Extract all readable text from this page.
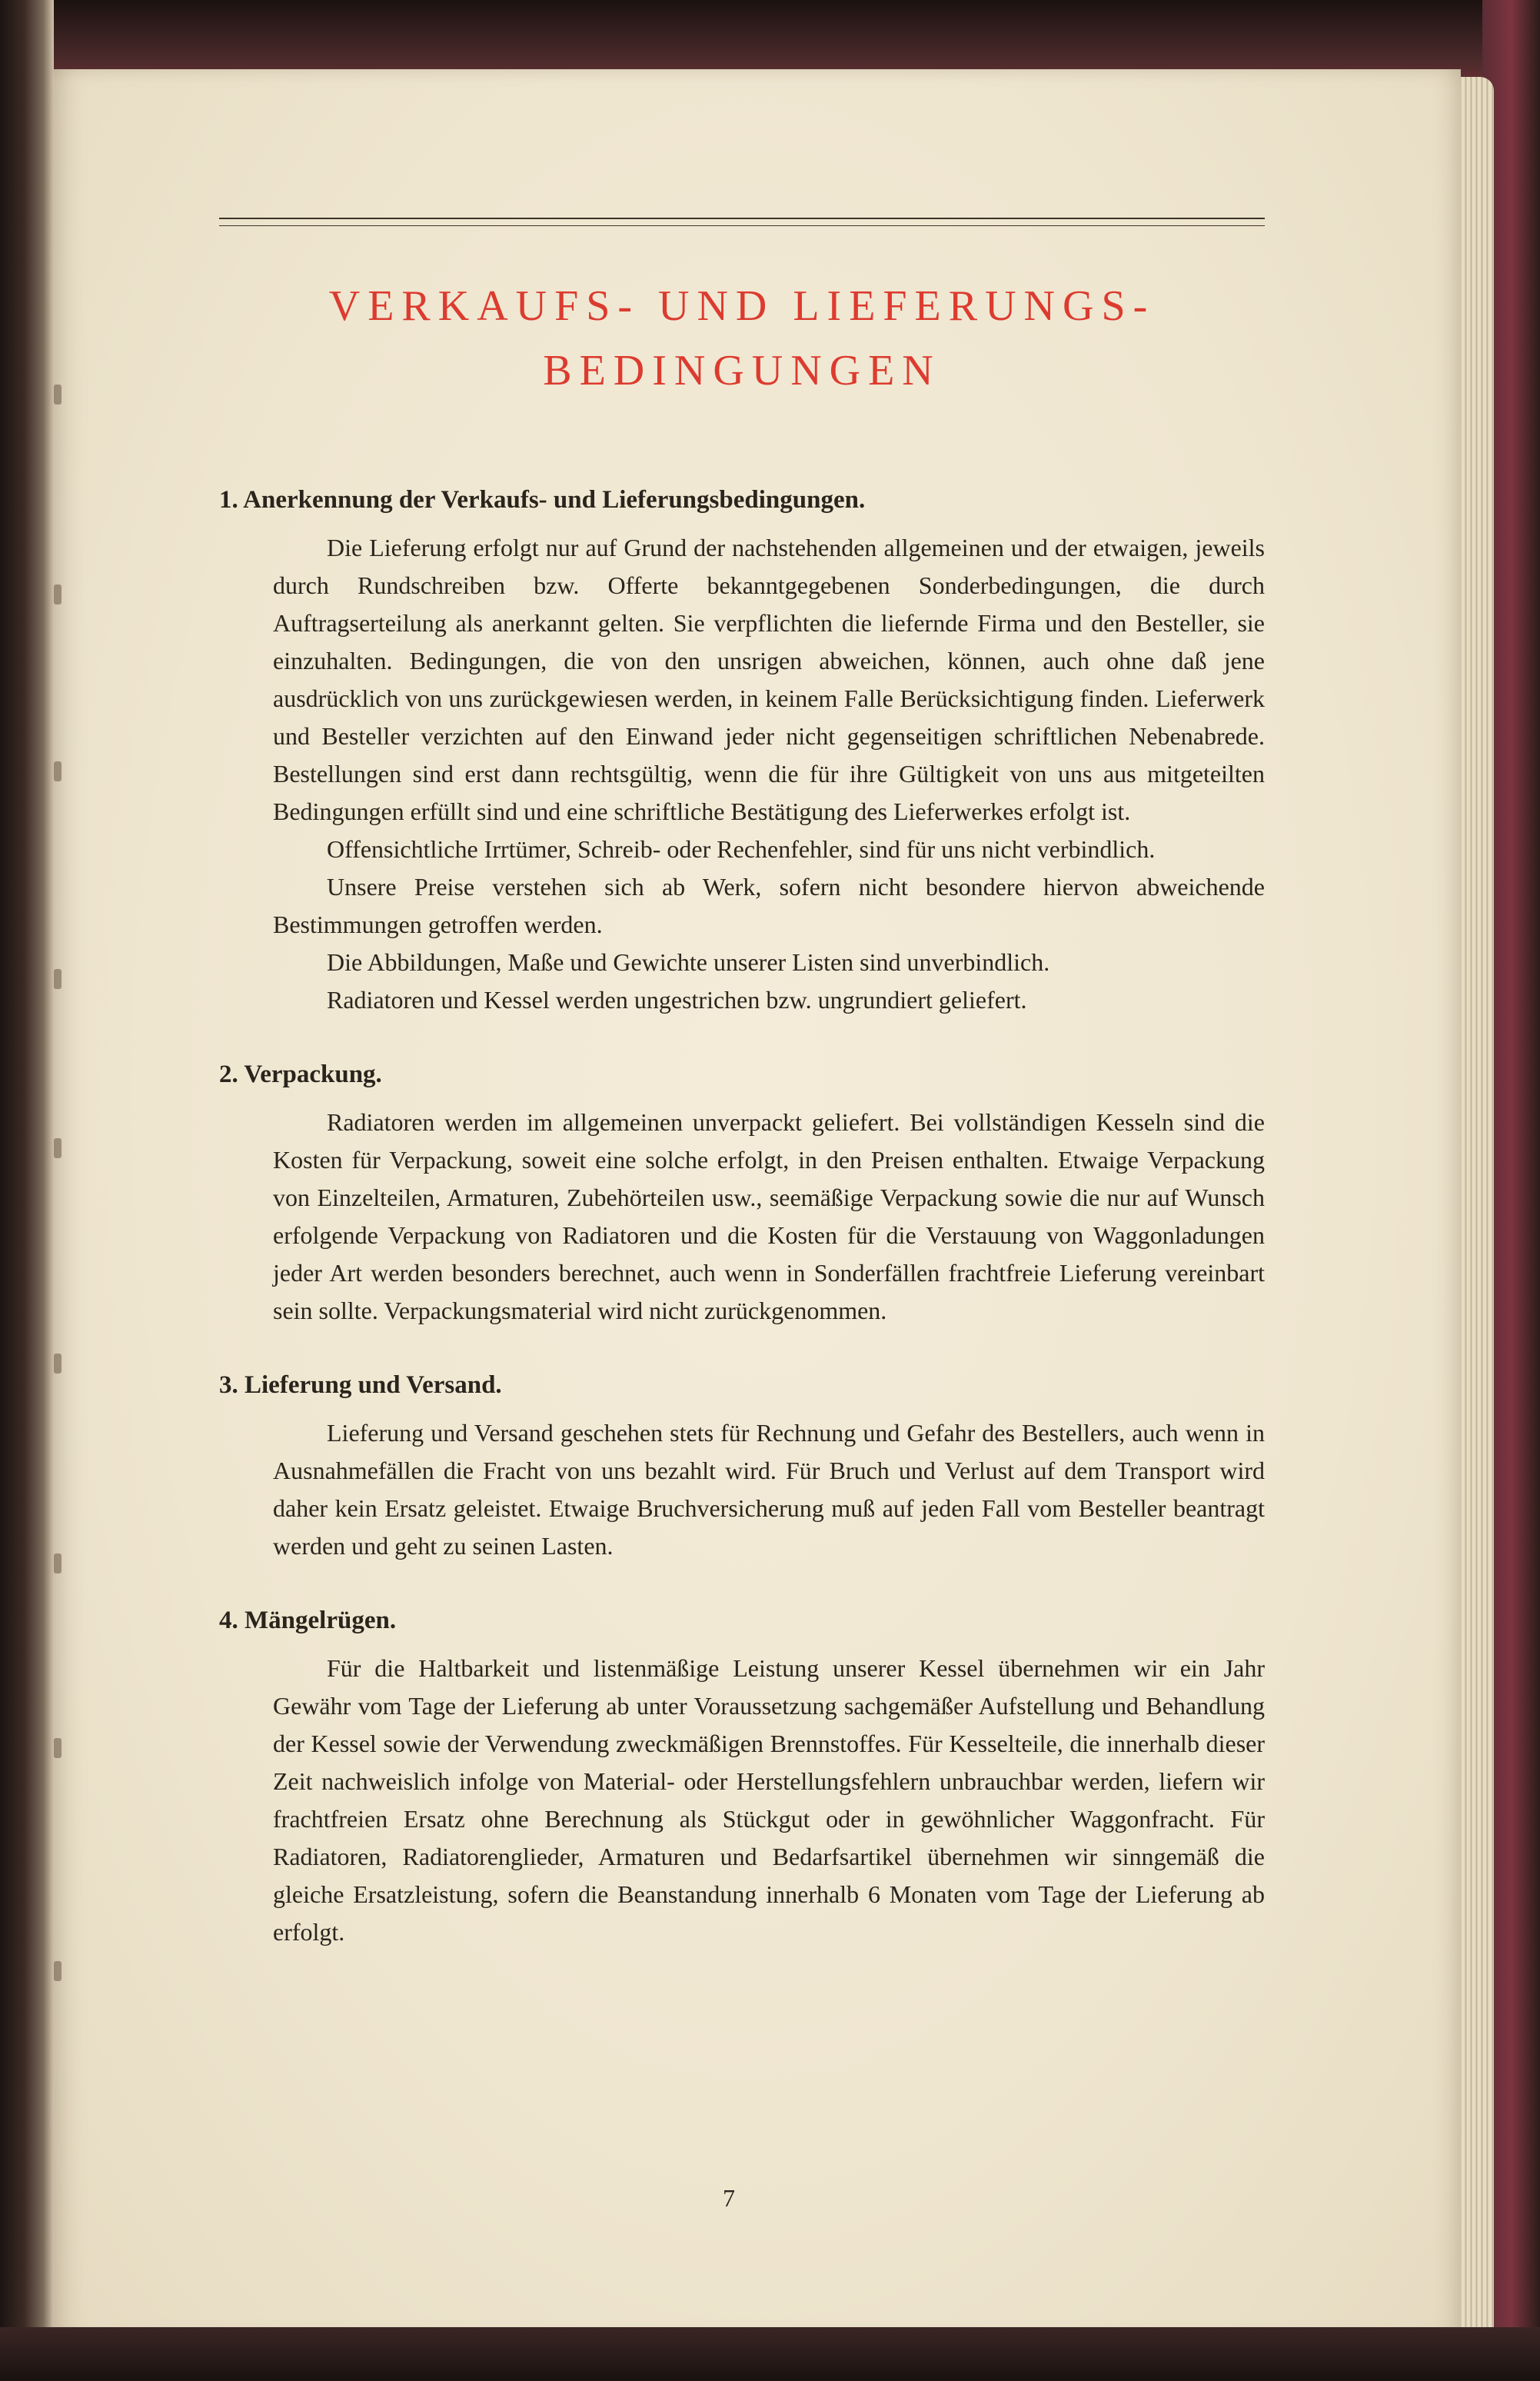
VERKAUFS- UND LIEFERUNGS-
BEDINGUNGEN
1. Anerkennung der Verkaufs- und Lieferungsbedingungen.

Die Lieferung erfolgt nur auf Grund der nachstehenden allgemeinen und der etwaigen, jeweils durch Rundschreiben bzw. Offerte bekanntgegebenen Sonderbedingungen, die durch Auftragserteilung als anerkannt gelten. Sie verpflichten die liefernde Firma und den Besteller, sie einzuhalten. Bedingungen, die von den unsrigen abweichen, können, auch ohne daß jene ausdrücklich von uns zurückgewiesen werden, in keinem Falle Berücksichtigung finden. Lieferwerk und Besteller verzichten auf den Einwand jeder nicht gegenseitigen schriftlichen Nebenabrede. Bestellungen sind erst dann rechtsgültig, wenn die für ihre Gültigkeit von uns aus mitgeteilten Bedingungen erfüllt sind und eine schriftliche Bestätigung des Lieferwerkes erfolgt ist.

Offensichtliche Irrtümer, Schreib- oder Rechenfehler, sind für uns nicht verbindlich.

Unsere Preise verstehen sich ab Werk, sofern nicht besondere hiervon abweichende Bestimmungen getroffen werden.

Die Abbildungen, Maße und Gewichte unserer Listen sind unverbindlich.

Radiatoren und Kessel werden ungestrichen bzw. ungrundiert geliefert.

2. Verpackung.

Radiatoren werden im allgemeinen unverpackt geliefert. Bei vollständigen Kesseln sind die Kosten für Verpackung, soweit eine solche erfolgt, in den Preisen enthalten. Etwaige Verpackung von Einzelteilen, Armaturen, Zubehörteilen usw., seemäßige Verpackung sowie die nur auf Wunsch erfolgende Verpackung von Radiatoren und die Kosten für die Verstauung von Waggonladungen jeder Art werden besonders berechnet, auch wenn in Sonderfällen frachtfreie Lieferung vereinbart sein sollte. Verpackungsmaterial wird nicht zurückgenommen.

3. Lieferung und Versand.

Lieferung und Versand geschehen stets für Rechnung und Gefahr des Bestellers, auch wenn in Ausnahmefällen die Fracht von uns bezahlt wird. Für Bruch und Verlust auf dem Transport wird daher kein Ersatz geleistet. Etwaige Bruchversicherung muß auf jeden Fall vom Besteller beantragt werden und geht zu seinen Lasten.

4. Mängelrügen.

Für die Haltbarkeit und listenmäßige Leistung unserer Kessel übernehmen wir ein Jahr Gewähr vom Tage der Lieferung ab unter Voraussetzung sachgemäßer Aufstellung und Behandlung der Kessel sowie der Verwendung zweckmäßigen Brennstoffes. Für Kesselteile, die innerhalb dieser Zeit nachweislich infolge von Material- oder Herstellungsfehlern unbrauchbar werden, liefern wir frachtfreien Ersatz ohne Berechnung als Stückgut oder in gewöhnlicher Waggonfracht. Für Radiatoren, Radiatorenglieder, Armaturen und Bedarfsartikel übernehmen wir sinngemäß die gleiche Ersatzleistung, sofern die Beanstandung innerhalb 6 Monaten vom Tage der Lieferung ab erfolgt.

7
